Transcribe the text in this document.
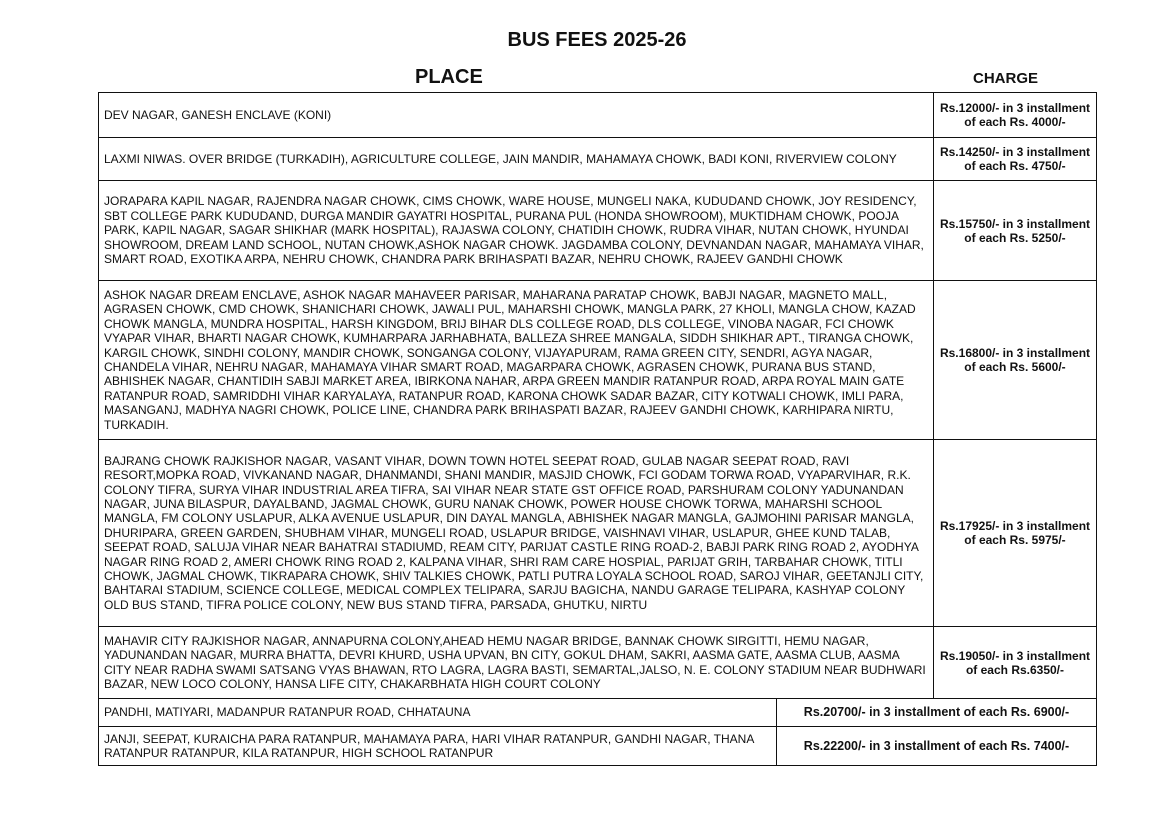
BUS FEES 2025-26
PLACE	CHARGE
DEV NAGAR, GANESH ENCLAVE (KONI)		Rs.12000/- in 3 installment
of each Rs. 4000/-

LAXMI NIWAS. OVER BRIDGE (TURKADIH), AGRICULTURE COLLEGE, JAIN MANDIR, MAHAMAYA CHOWK, BADI KONI, RIVERVIEW COLONY		Rs.14250/- in 3 installment
of each Rs. 4750/-

JORAPARA KAPIL NAGAR, RAJENDRA NAGAR CHOWK, CIMS CHOWK, WARE HOUSE, MUNGELI NAKA, KUDUDAND CHOWK, JOY RESIDENCY, SBT COLLEGE PARK KUDUDAND, DURGA MANDIR GAYATRI HOSPITAL, PURANA PUL (HONDA SHOWROOM), MUKTIDHAM CHOWK, POOJA PARK, KAPIL NAGAR, SAGAR SHIKHAR (MARK HOSPITAL), RAJASWA COLONY, CHATIDIH CHOWK, RUDRA VIHAR, NUTAN CHOWK, HYUNDAI SHOWROOM, DREAM LAND SCHOOL, NUTAN CHOWK,ASHOK NAGAR CHOWK. JAGDAMBA COLONY, DEVNANDAN NAGAR, MAHAMAYA VIHAR, SMART ROAD, EXOTIKA ARPA, NEHRU CHOWK, CHANDRA PARK BRIHASPATI BAZAR, NEHRU CHOWK, RAJEEV GANDHI CHOWK		Rs.15750/- in 3 installment
of each Rs. 5250/-

ASHOK NAGAR DREAM ENCLAVE, ASHOK NAGAR MAHAVEER PARISAR, MAHARANA PARATAP CHOWK, BABJI NAGAR, MAGNETO MALL, AGRASEN CHOWK, CMD CHOWK, SHANICHARI CHOWK, JAWALI PUL, MAHARSHI CHOWK, MANGLA PARK, 27 KHOLI, MANGLA CHOW, KAZAD CHOWK MANGLA, MUNDRA HOSPITAL, HARSH KINGDOM, BRIJ BIHAR DLS COLLEGE ROAD, DLS COLLEGE, VINOBA NAGAR, FCI CHOWK VYAPAR VIHAR, BHARTI NAGAR CHOWK, KUMHARPARA JARHABHATA, BALLEZA SHREE MANGALA, SIDDH SHIKHAR APT., TIRANGA CHOWK, KARGIL CHOWK, SINDHI COLONY, MANDIR CHOWK, SONGANGA COLONY, VIJAYAPURAM, RAMA GREEN CITY, SENDRI, AGYA NAGAR, CHANDELA VIHAR, NEHRU NAGAR, MAHAMAYA VIHAR SMART ROAD, MAGARPARA CHOWK, AGRASEN CHOWK, PURANA BUS STAND, ABHISHEK NAGAR, CHANTIDIH SABJI MARKET AREA, IBIRKONA NAHAR, ARPA GREEN MANDIR RATANPUR ROAD, ARPA ROYAL MAIN GATE RATANPUR ROAD, SAMRIDDHI VIHAR KARYALAYA, RATANPUR ROAD, KARONA CHOWK SADAR BAZAR, CITY KOTWALI CHOWK, IMLI PARA, MASANGANJ, MADHYA NAGRI CHOWK, POLICE LINE, CHANDRA PARK BRIHASPATI BAZAR, RAJEEV GANDHI CHOWK, KARHIPARA NIRTU, TURKADIH.		Rs.16800/- in 3 installment
of each Rs. 5600/-

BAJRANG CHOWK RAJKISHOR NAGAR, VASANT VIHAR, DOWN TOWN HOTEL SEEPAT ROAD, GULAB NAGAR SEEPAT ROAD, RAVI RESORT,MOPKA ROAD, VIVKANAND NAGAR, DHANMANDI, SHANI MANDIR, MASJID CHOWK, FCI GODAM TORWA ROAD, VYAPARVIHAR, R.K. COLONY TIFRA, SURYA VIHAR INDUSTRIAL AREA TIFRA, SAI VIHAR NEAR STATE GST OFFICE ROAD, PARSHURAM COLONY YADUNANDAN NAGAR, JUNA BILASPUR, DAYALBAND, JAGMAL CHOWK, GURU NANAK CHOWK, POWER HOUSE CHOWK TORWA, MAHARSHI SCHOOL MANGLA, FM COLONY USLAPUR, ALKA AVENUE USLAPUR, DIN DAYAL MANGLA, ABHISHEK NAGAR MANGLA, GAJMOHINI PARISAR MANGLA, DHURIPARA, GREEN GARDEN, SHUBHAM VIHAR, MUNGELI ROAD, USLAPUR BRIDGE, VAISHNAVI VIHAR, USLAPUR, GHEE KUND TALAB, SEEPAT ROAD, SALUJA VIHAR NEAR BAHATRAI STADIUMD, REAM CITY, PARIJAT CASTLE RING ROAD-2, BABJI PARK RING ROAD 2, AYODHYA NAGAR RING ROAD 2, AMERI CHOWK RING ROAD 2, KALPANA VIHAR, SHRI RAM CARE HOSPIAL, PARIJAT GRIH, TARBAHAR CHOWK, TITLI CHOWK, JAGMAL CHOWK, TIKRAPARA CHOWK, SHIV TALKIES CHOWK, PATLI PUTRA LOYALA SCHOOL ROAD, SAROJ VIHAR, GEETANJLI CITY, BAHTARAI STADIUM, SCIENCE COLLEGE, MEDICAL COMPLEX TELIPARA, SARJU BAGICHA, NANDU GARAGE TELIPARA, KASHYAP COLONY OLD BUS STAND, TIFRA POLICE COLONY, NEW BUS STAND TIFRA, PARSADA, GHUTKU, NIRTU		Rs.17925/- in 3 installment
of each Rs. 5975/-

MAHAVIR CITY RAJKISHOR NAGAR, ANNAPURNA COLONY,AHEAD HEMU NAGAR BRIDGE, BANNAK CHOWK SIRGITTI, HEMU NAGAR, YADUNANDAN NAGAR, MURRA BHATTA, DEVRI KHURD, USHA UPVAN, BN CITY, GOKUL DHAM, SAKRI, AASMA GATE, AASMA CLUB, AASMA CITY NEAR RADHA SWAMI SATSANG VYAS BHAWAN, RTO LAGRA, LAGRA BASTI, SEMARTAL,JALSO, N. E. COLONY STADIUM NEAR BUDHWARI BAZAR, NEW LOCO COLONY, HANSA LIFE CITY, CHAKARBHATA HIGH COURT COLONY		Rs.19050/- in 3 installment
of each Rs.6350/-

PANDHI, MATIYARI, MADANPUR RATANPUR ROAD, CHHATAUNA	Rs.20700/- in 3 installment of each Rs. 6900/-	
JANJI, SEEPAT, KURAICHA PARA RATANPUR, MAHAMAYA PARA, HARI VIHAR RATANPUR, GANDHI NAGAR, THANA RATANPUR RATANPUR, KILA RATANPUR, HIGH SCHOOL RATANPUR	Rs.22200/- in 3 installment of each Rs. 7400/-	
